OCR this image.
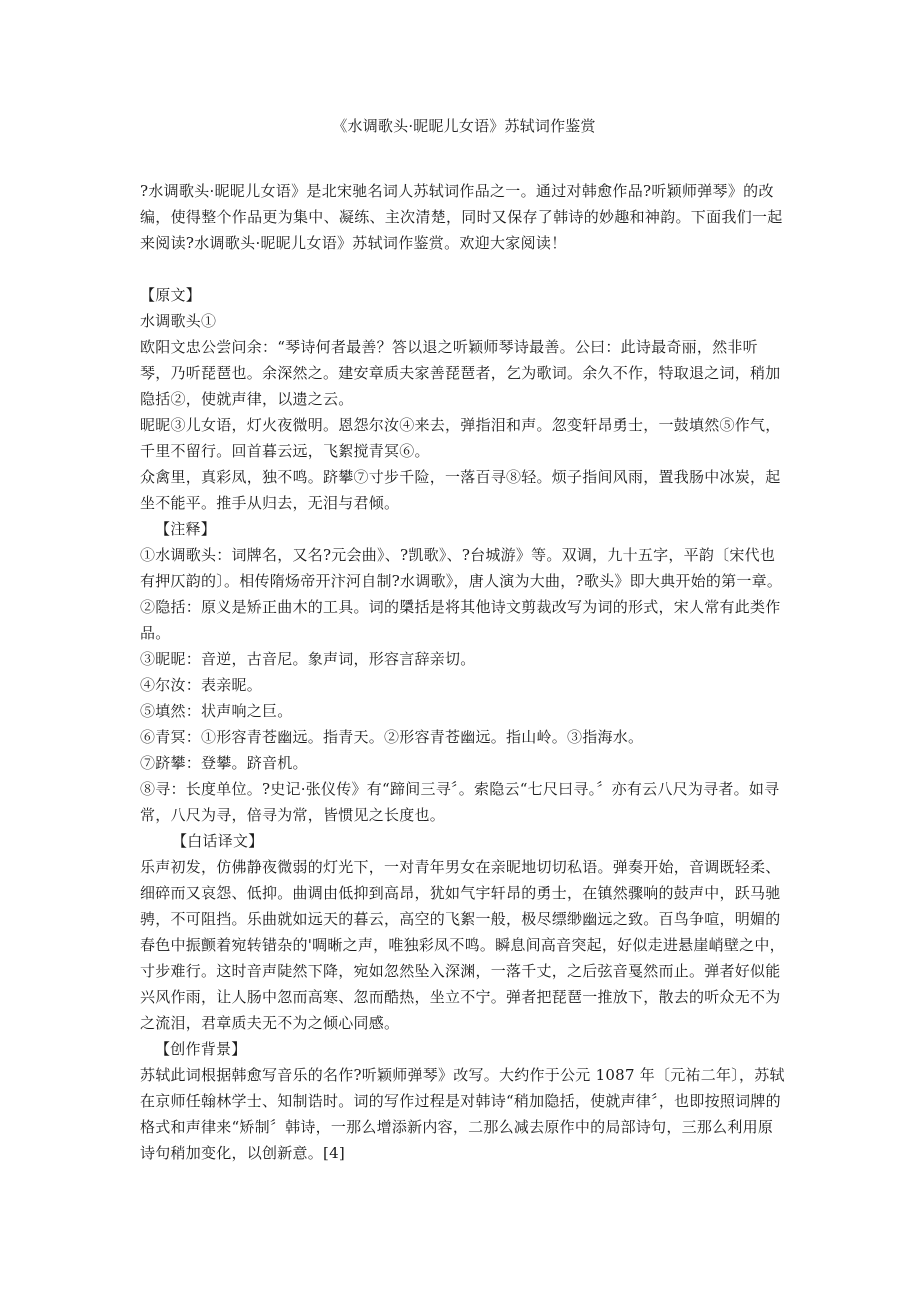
《水调歌头·昵昵儿女语》苏轼词作鉴赏

?水调歌头·昵昵儿女语》是北宋驰名词人苏轼词作品之一。通过对韩愈作品?听颖师弹琴》的改编，使得整个作品更为集中、凝练、主次清楚，同时又保存了韩诗的妙趣和神韵。下面我们一起来阅读?水调歌头·昵昵儿女语》苏轼词作鉴赏。欢迎大家阅读！

【原文】

水调歌头①

欧阳文忠公尝问余：“琴诗何者最善？答以退之听颖师琴诗最善。公曰：此诗最奇丽，然非听琴，乃听琵琶也。余深然之。建安章质夫家善琵琶者，乞为歌词。余久不作，特取退之词，稍加隐括②，使就声律，以遗之云。

昵昵③儿女语，灯火夜微明。恩怨尔汝④来去，弹指泪和声。忽变轩昂勇士，一鼓填然⑤作气，千里不留行。回首暮云远，飞絮搅青冥⑥。

众禽里，真彩凤，独不鸣。跻攀⑦寸步千险，一落百寻⑧轻。烦子指间风雨，置我肠中冰炭，起坐不能平。推手从归去，无泪与君倾。

【注释】

①水调歌头：词牌名，又名?元会曲》、?凯歌》、?台城游》等。双调，九十五字，平韵〔宋代也有押仄韵的〕。相传隋炀帝开汴河自制?水调歌》，唐人演为大曲，?歌头》即大典开始的第一章。

②隐括：原义是矫正曲木的工具。词的檃括是将其他诗文剪裁改写为词的形式，宋人常有此类作品。

③昵昵：音逆，古音尼。象声词，形容言辞亲切。

④尔汝：表亲昵。

⑤填然：状声响之巨。

⑥青冥：①形容青苍幽远。指青天。②形容青苍幽远。指山岭。③指海水。

⑦跻攀：登攀。跻音机。

⑧寻：长度单位。?史记·张仪传》有“蹄间三寻〞。索隐云“七尺曰寻。〞亦有云八尺为寻者。如寻常，八尺为寻，倍寻为常，皆惯见之长度也。

【白话译文】

乐声初发，仿佛静夜微弱的灯光下，一对青年男女在亲昵地切切私语。弹奏开始，音调既轻柔、细碎而又哀怨、低抑。曲调由低抑到高昂，犹如气宇轩昂的勇士，在镇然骤响的鼓声中，跃马驰骋，不可阻挡。乐曲就如远天的暮云，高空的飞絮一般，极尽缥缈幽远之致。百鸟争喧，明媚的春色中振颤着宛转错杂的'啁晰之声，唯独彩凤不鸣。瞬息间高音突起，好似走进悬崖峭壁之中，寸步难行。这时音声陡然下降，宛如忽然坠入深渊，一落千丈，之后弦音戛然而止。弹者好似能兴风作雨，让人肠中忽而高寒、忽而酷热，坐立不宁。弹者把琵琶一推放下，散去的听众无不为之流泪，君章质夫无不为之倾心同感。

【创作背景】

苏轼此词根据韩愈写音乐的名作?听颖师弹琴》改写。大约作于公元 1087 年〔元祐二年〕，苏轼在京师任翰林学士、知制诰时。词的写作过程是对韩诗“稍加隐括，使就声律〞，也即按照词牌的格式和声律来“矫制〞韩诗，一那么增添新内容，二那么减去原作中的局部诗句，三那么利用原诗句稍加变化，以创新意。[4]
